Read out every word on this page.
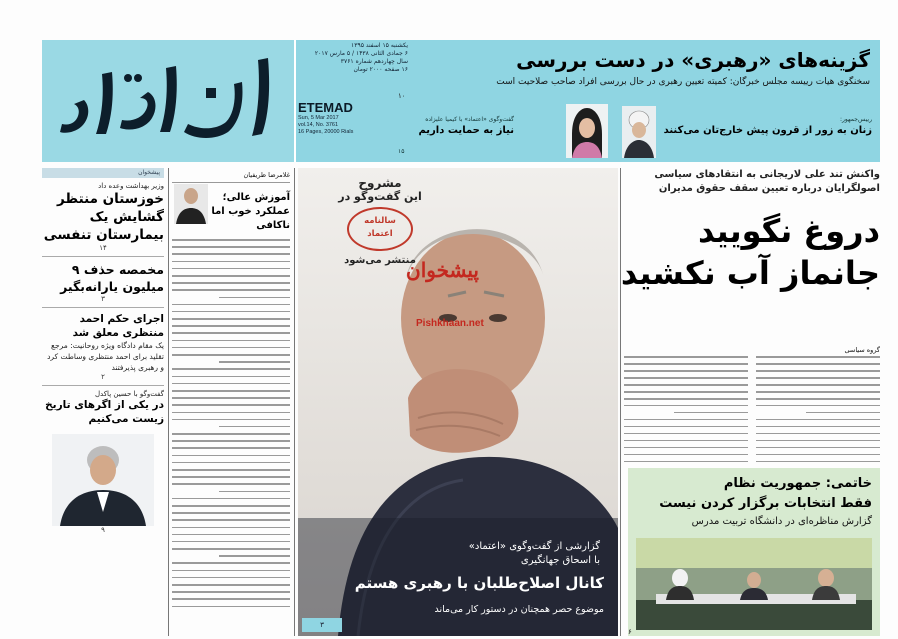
یکشنبه ۱۵ اسفند ۱۳۹۵
۶ جمادی الثانی ۱۴۳۸ / ۵ مارس ۲۰۱۷
سال چهاردهم شماره ۳۷۶۱
۱۶ صفحه ۲۰۰۰ تومان
ETEMAD
Sun, 5 Mar 2017
vol.14, No. 3761
16 Pages, 20000 Rials
گزینه‌های «رهبری» در دست بررسی
سخنگوی هیات رییسه مجلس خبرگان: کمیته تعیین رهبری در حال بررسی افراد صاحب صلاحیت است
۱۰
رییس‌جمهور:
زنان به زور از قرون پیش خارج‌تان می‌کنند
گفت‌وگوی «اعتماد» با کیمیا علیزاده
نیاز به حمایت داریم
۱۵
پیشخوان
وزیر بهداشت وعده داد
خوزستان منتظر گشایش یک بیمارستان تنفسی
۱۴
مخمصه حذف ۹ میلیون یارانه‌بگیر
۳
اجرای حکم احمد منتظری معلق شد
یک مقام دادگاه ویژه روحانیت: مرجع تقلید برای احمد منتظری وساطت کرد و رهبری پذیرفتند
۲
گفت‌وگو با حسین پاکدل
در یکی از اگرهای تاریخ زیست می‌کنیم
۹
غلامرضا ظریفیان
آموزش عالی؛ عملکرد خوب اما ناکافی
مشروح
این گفت‌وگو در
سالنامه
اعتماد
منتشر می‌شود
پیشخوان
Pishkhaan.net
گزارشی از گفت‌وگوی «اعتماد»
با اسحاق جهانگیری
کانال اصلاح‌طلبان با رهبری هستم
موضوع حصر همچنان در دستور کار می‌ماند
۳
واکنش تند علی لاریجانی به انتقادهای سیاسی
اصولگرایان درباره تعیین سقف حقوق مدیران
دروغ نگویید
جانماز آب نکشید
گروه سیاسی
خاتمی: جمهوریت نظام
فقط انتخابات برگزار کردن نیست
گزارش مناظره‌ای در دانشگاه تربیت مدرس
۶
